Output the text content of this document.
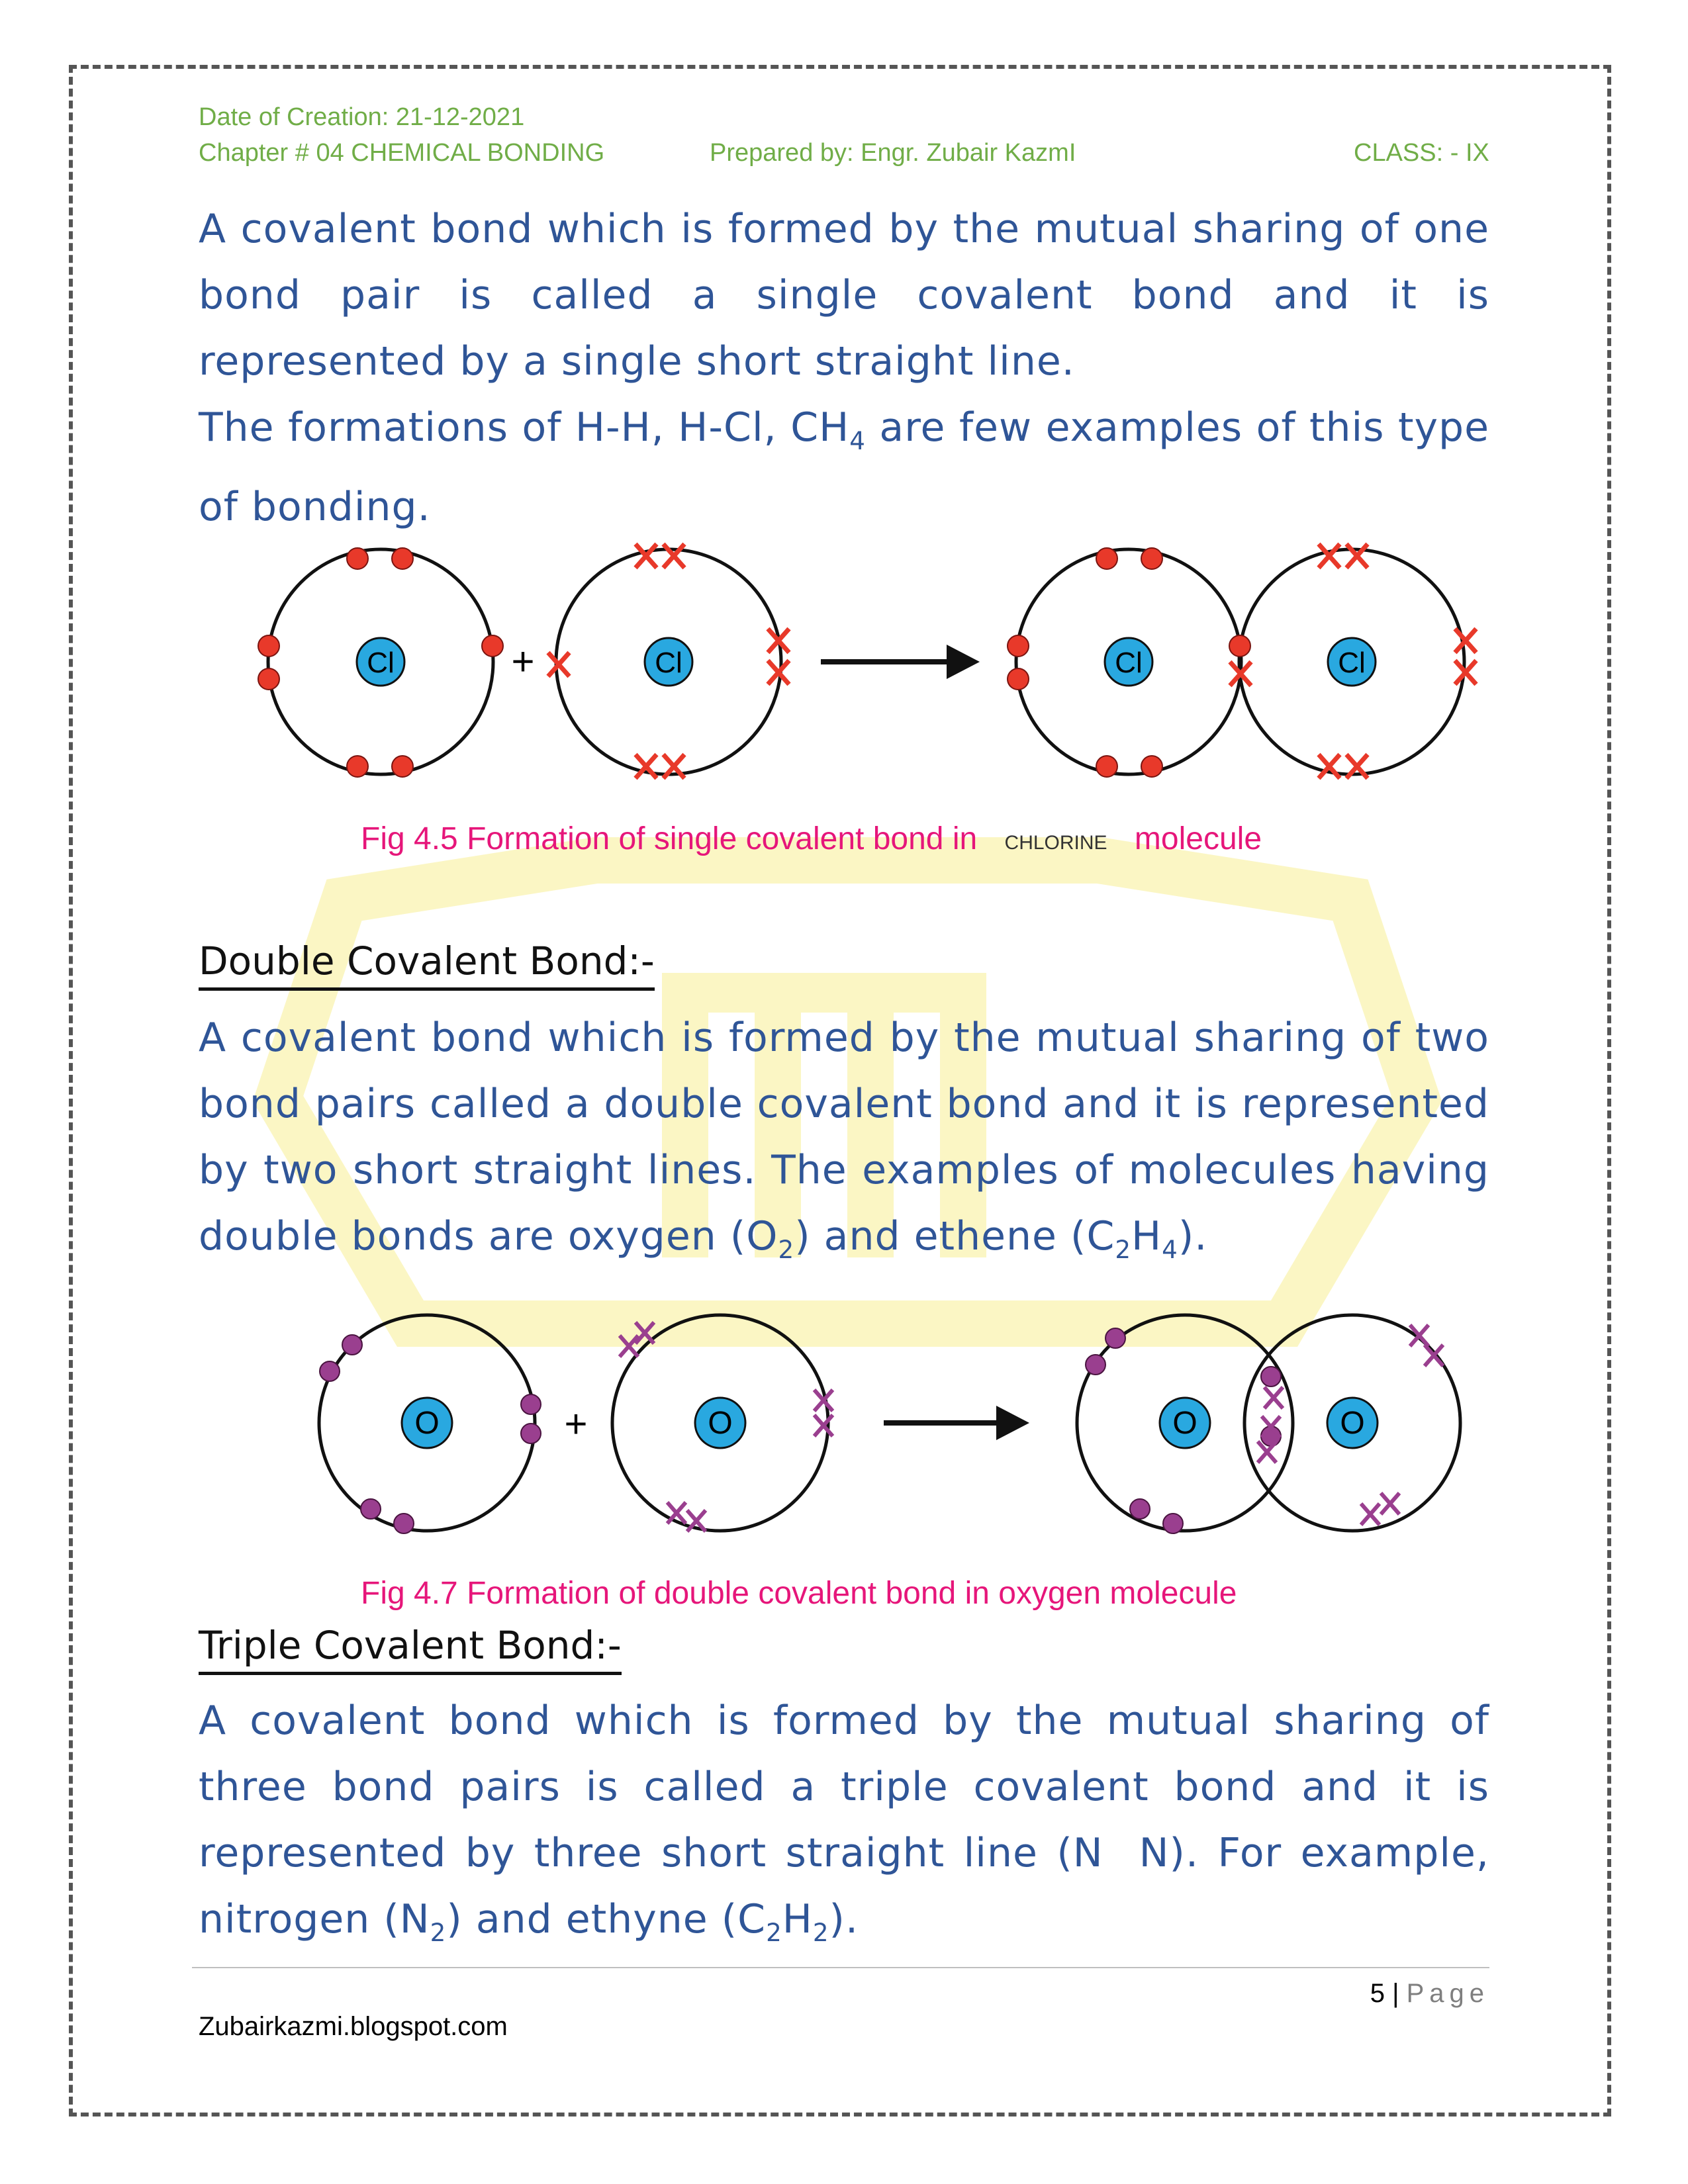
Date of Creation: 21-12-2021
Chapter # 04 CHEMICAL BONDING	Prepared by: Engr. Zubair KazmI	CLASS: - IX
A covalent bond which is formed by the mutual sharing of one bond pair is called a single covalent bond and it is represented by a single short straight line.
The formations of H-H, H-Cl, $CH_4$ are few examples of this type of bonding.
Cl	+	Cl	Cl	Cl
Fig 4.5 Formation of single covalent bond in CHLORINE molecule
Double Covalent Bond:-
A covalent bond which is formed by the mutual sharing of two bond pairs called a double covalent bond and it is represented by two short straight lines. The examples of molecules having double bonds are oxygen $(O_2)$ and ethene $(C_2H_4)$.
O	+	O	O	O
Fig 4.7 Formation of double covalent bond in oxygen molecule
Triple Covalent Bond:-
A covalent bond which is formed by the mutual sharing of three bond pairs is called a triple covalent bond and it is represented by three short straight line (N N). For example, nitrogen $(N_2)$ and ethyne $(C_2H_2)$.
5 | Page
Zubairkazmi.blogspot.com
